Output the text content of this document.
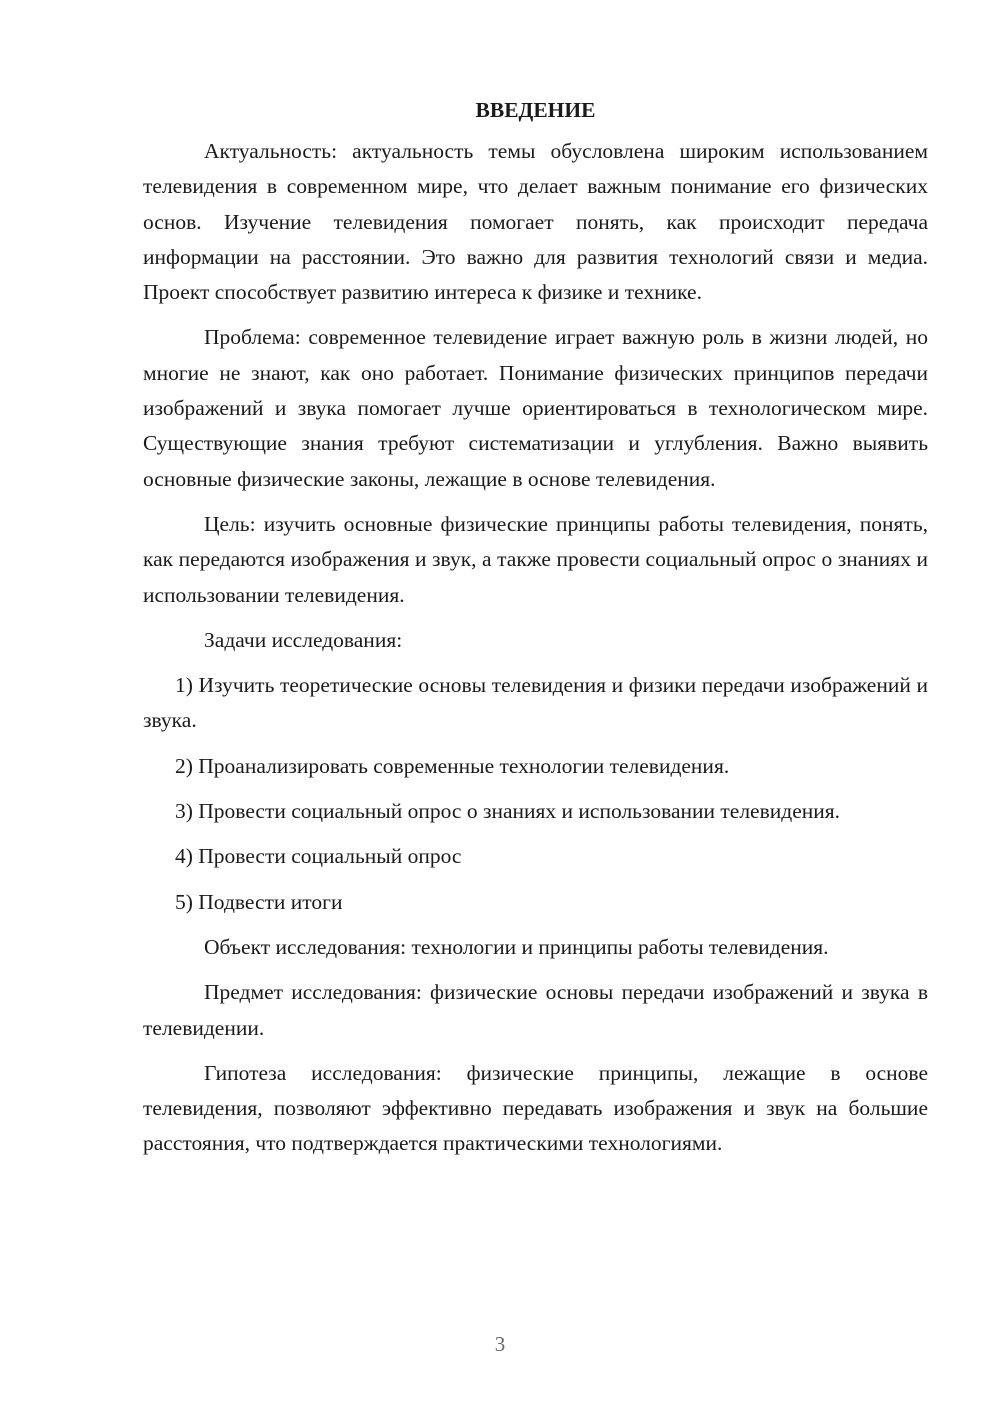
ВВЕДЕНИЕ

Актуальность: актуальность темы обусловлена широким использованием телевидения в современном мире, что делает важным понимание его физических основ. Изучение телевидения помогает понять, как происходит передача информации на расстоянии. Это важно для развития технологий связи и медиа. Проект способствует развитию интереса к физике и технике.

Проблема: современное телевидение играет важную роль в жизни людей, но многие не знают, как оно работает. Понимание физических принципов передачи изображений и звука помогает лучше ориентироваться в технологическом мире. Существующие знания требуют систематизации и углубления. Важно выявить основные физические законы, лежащие в основе телевидения.

Цель: изучить основные физические принципы работы телевидения, понять, как передаются изображения и звук, а также провести социальный опрос о знаниях и использовании телевидения.

Задачи исследования:

1) Изучить теоретические основы телевидения и физики передачи изображений и звука.

2) Проанализировать современные технологии телевидения.

3) Провести социальный опрос о знаниях и использовании телевидения.

4) Провести социальный опрос

5) Подвести итоги

Объект исследования: технологии и принципы работы телевидения.

Предмет исследования: физические основы передачи изображений и звука в телевидении.

Гипотеза исследования: физические принципы, лежащие в основе телевидения, позволяют эффективно передавать изображения и звук на большие расстояния, что подтверждается практическими технологиями.

3
